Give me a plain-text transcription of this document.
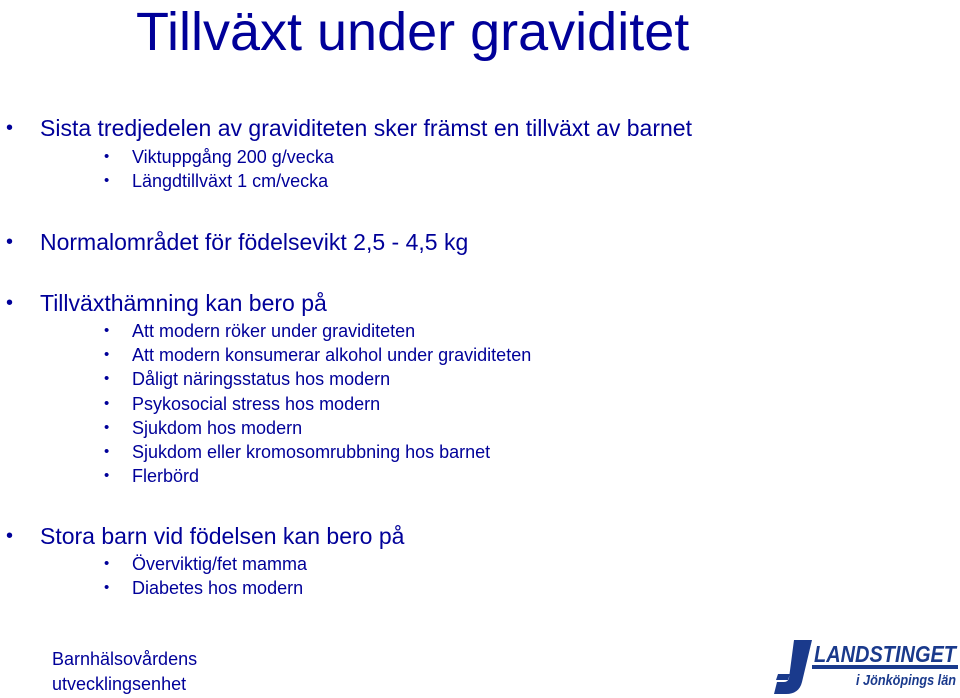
Tillväxt under graviditet
• Sista tredjedelen av graviditeten sker främst en tillväxt av barnet
• Viktuppgång 200 g/vecka
• Längdtillväxt 1 cm/vecka
• Normalområdet för födelsevikt 2,5 - 4,5 kg
• Tillväxthämning kan bero på
• Att modern röker under graviditeten
• Att modern konsumerar alkohol under graviditeten
• Dåligt näringsstatus hos modern
• Psykosocial stress hos modern
• Sjukdom hos modern
• Sjukdom eller kromosomrubbning hos barnet
• Flerbörd
• Stora barn vid födelsen kan bero på
• Överviktig/fet mamma
• Diabetes hos modern
Barnhälsovårdens
utvecklingsenhet
LANDSTINGET
i Jönköpings län
